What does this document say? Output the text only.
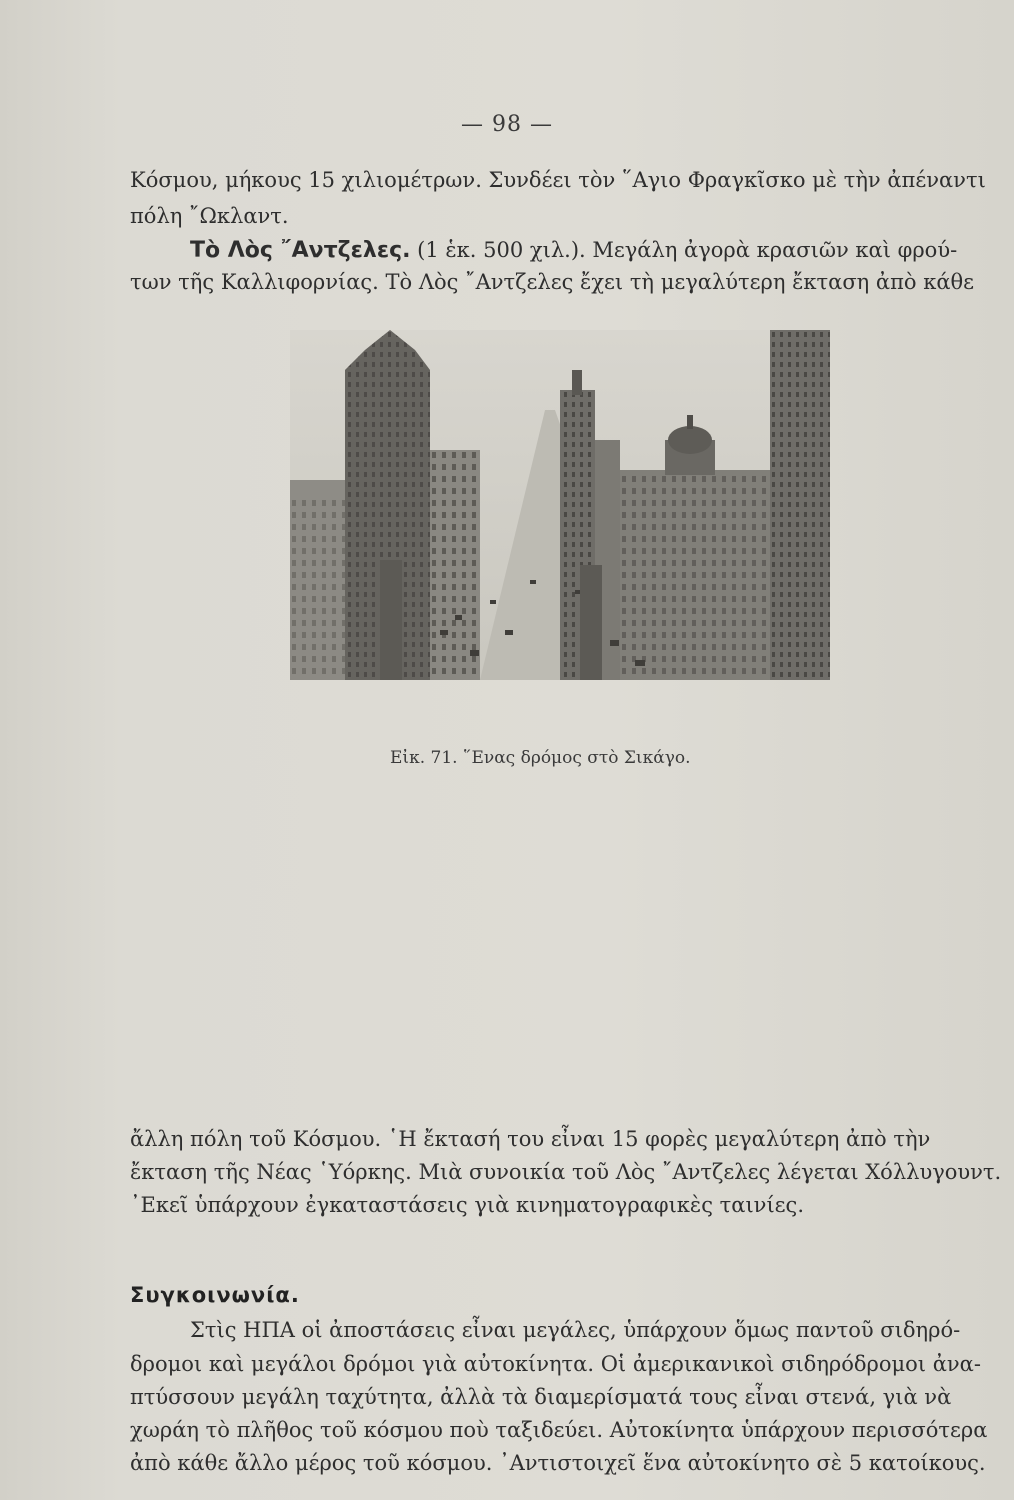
— 98 —
Κόσμου, μήκους 15 χιλιομέτρων. Συνδέει τὸν ῞Αγιο Φραγκῖσκο μὲ τὴν ἀπέναντι
πόλη ῎Ωκλαντ.
Τὸ Λὸς ῎Αντζελες. (1 ἑκ. 500 χιλ.). Μεγάλη ἀγορὰ κρασιῶν καὶ φρού-
των τῆς Καλλιφορνίας. Τὸ Λὸς ῎Αντζελες ἔχει τὴ μεγαλύτερη ἔκταση ἀπὸ κάθε
Εἰκ. 71. ῞Ενας δρόμος στὸ Σικάγο.
ἄλλη πόλη τοῦ Κόσμου. ῾Η ἔκτασή του εἶναι 15 φορὲς μεγαλύτερη ἀπὸ τὴν
ἔκταση τῆς Νέας ῾Υόρκης. Μιὰ συνοικία τοῦ Λὸς ῎Αντζελες λέγεται Χόλλυγουντ.
᾿Εκεῖ ὑπάρχουν ἐγκαταστάσεις γιὰ κινηματογραφικὲς ταινίες.
Συγκοινωνία.
Στὶς ΗΠΑ οἱ ἀποστάσεις εἶναι μεγάλες, ὑπάρχουν ὅμως παντοῦ σιδηρό-
δρομοι καὶ μεγάλοι δρόμοι γιὰ αὐτοκίνητα. Οἱ ἀμερικανικοὶ σιδηρόδρομοι ἀνα-
πτύσσουν μεγάλη ταχύτητα, ἀλλὰ τὰ διαμερίσματά τους εἶναι στενά, γιὰ νὰ
χωράη τὸ πλῆθος τοῦ κόσμου ποὺ ταξιδεύει. Αὐτοκίνητα ὑπάρχουν περισσότερα
ἀπὸ κάθε ἄλλο μέρος τοῦ κόσμου. ᾿Αντιστοιχεῖ ἕνα αὐτοκίνητο σὲ 5 κατοίκους.
